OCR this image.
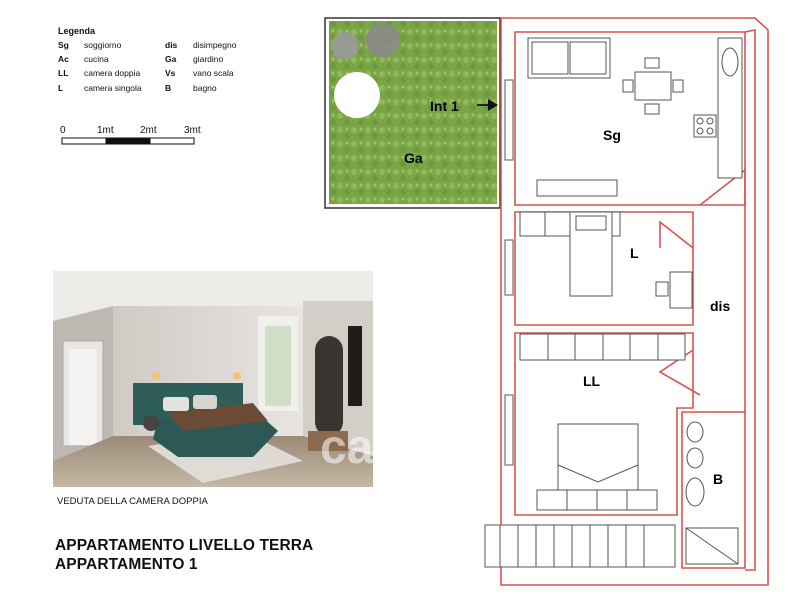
Legenda
Sg soggiorno
Ac cucina
LL camera doppia
L camera singola
dis disimpegno
Ga giardino
Vs vano scala
B	bagno
0	1mt	2mt	3mt
VEDUTA DELLA CAMERA DOPPIA
APPARTAMENTO LIVELLO TERRA
APPARTAMENTO 1
Int 1
Ga
Sg
L
dis
LL
B
casa.it
